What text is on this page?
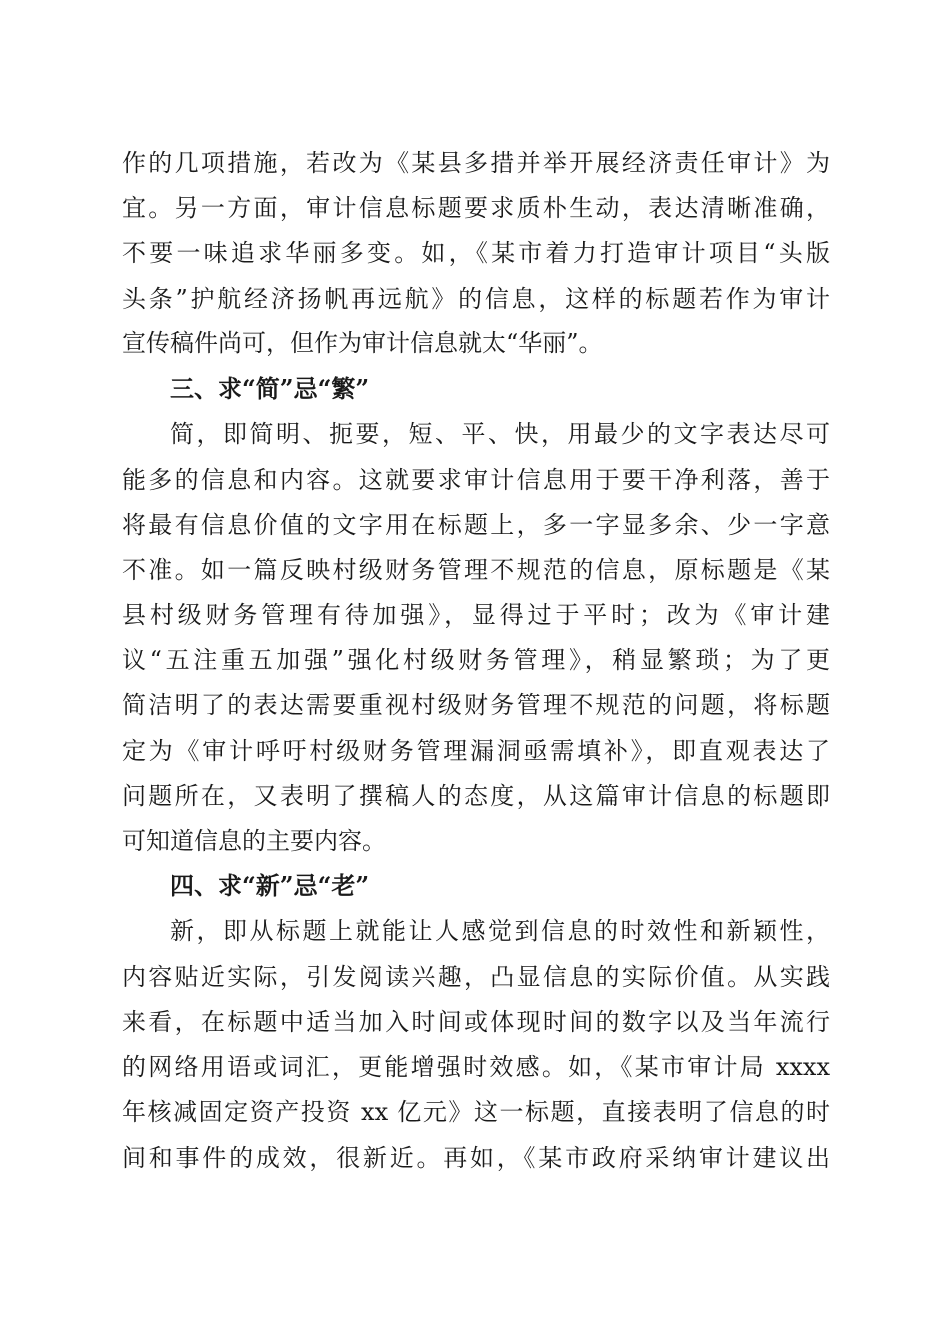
作的几项措施，若改为《某县多措并举开展经济责任审计》为
宜。另一方面，审计信息标题要求质朴生动，表达清晰准确，
不要一味追求华丽多变。如，《某市着力打造审计项目“头版
头条”护航经济扬帆再远航》的信息，这样的标题若作为审计
宣传稿件尚可，但作为审计信息就太“华丽”。
三、求“简”忌“繁”
简，即简明、扼要，短、平、快，用最少的文字表达尽可
能多的信息和内容。这就要求审计信息用于要干净利落，善于
将最有信息价值的文字用在标题上，多一字显多余、少一字意
不准。如一篇反映村级财务管理不规范的信息，原标题是《某
县村级财务管理有待加强》，显得过于平时；改为《审计建
议“五注重五加强”强化村级财务管理》，稍显繁琐；为了更
简洁明了的表达需要重视村级财务管理不规范的问题，将标题
定为《审计呼吁村级财务管理漏洞亟需填补》，即直观表达了
问题所在，又表明了撰稿人的态度，从这篇审计信息的标题即
可知道信息的主要内容。
四、求“新”忌“老”
新，即从标题上就能让人感觉到信息的时效性和新颖性，
内容贴近实际，引发阅读兴趣，凸显信息的实际价值。从实践
来看，在标题中适当加入时间或体现时间的数字以及当年流行
的网络用语或词汇，更能增强时效感。如，《某市审计局 xxxx
年核减固定资产投资 xx 亿元》这一标题，直接表明了信息的时
间和事件的成效，很新近。再如，《某市政府采纳审计建议出
